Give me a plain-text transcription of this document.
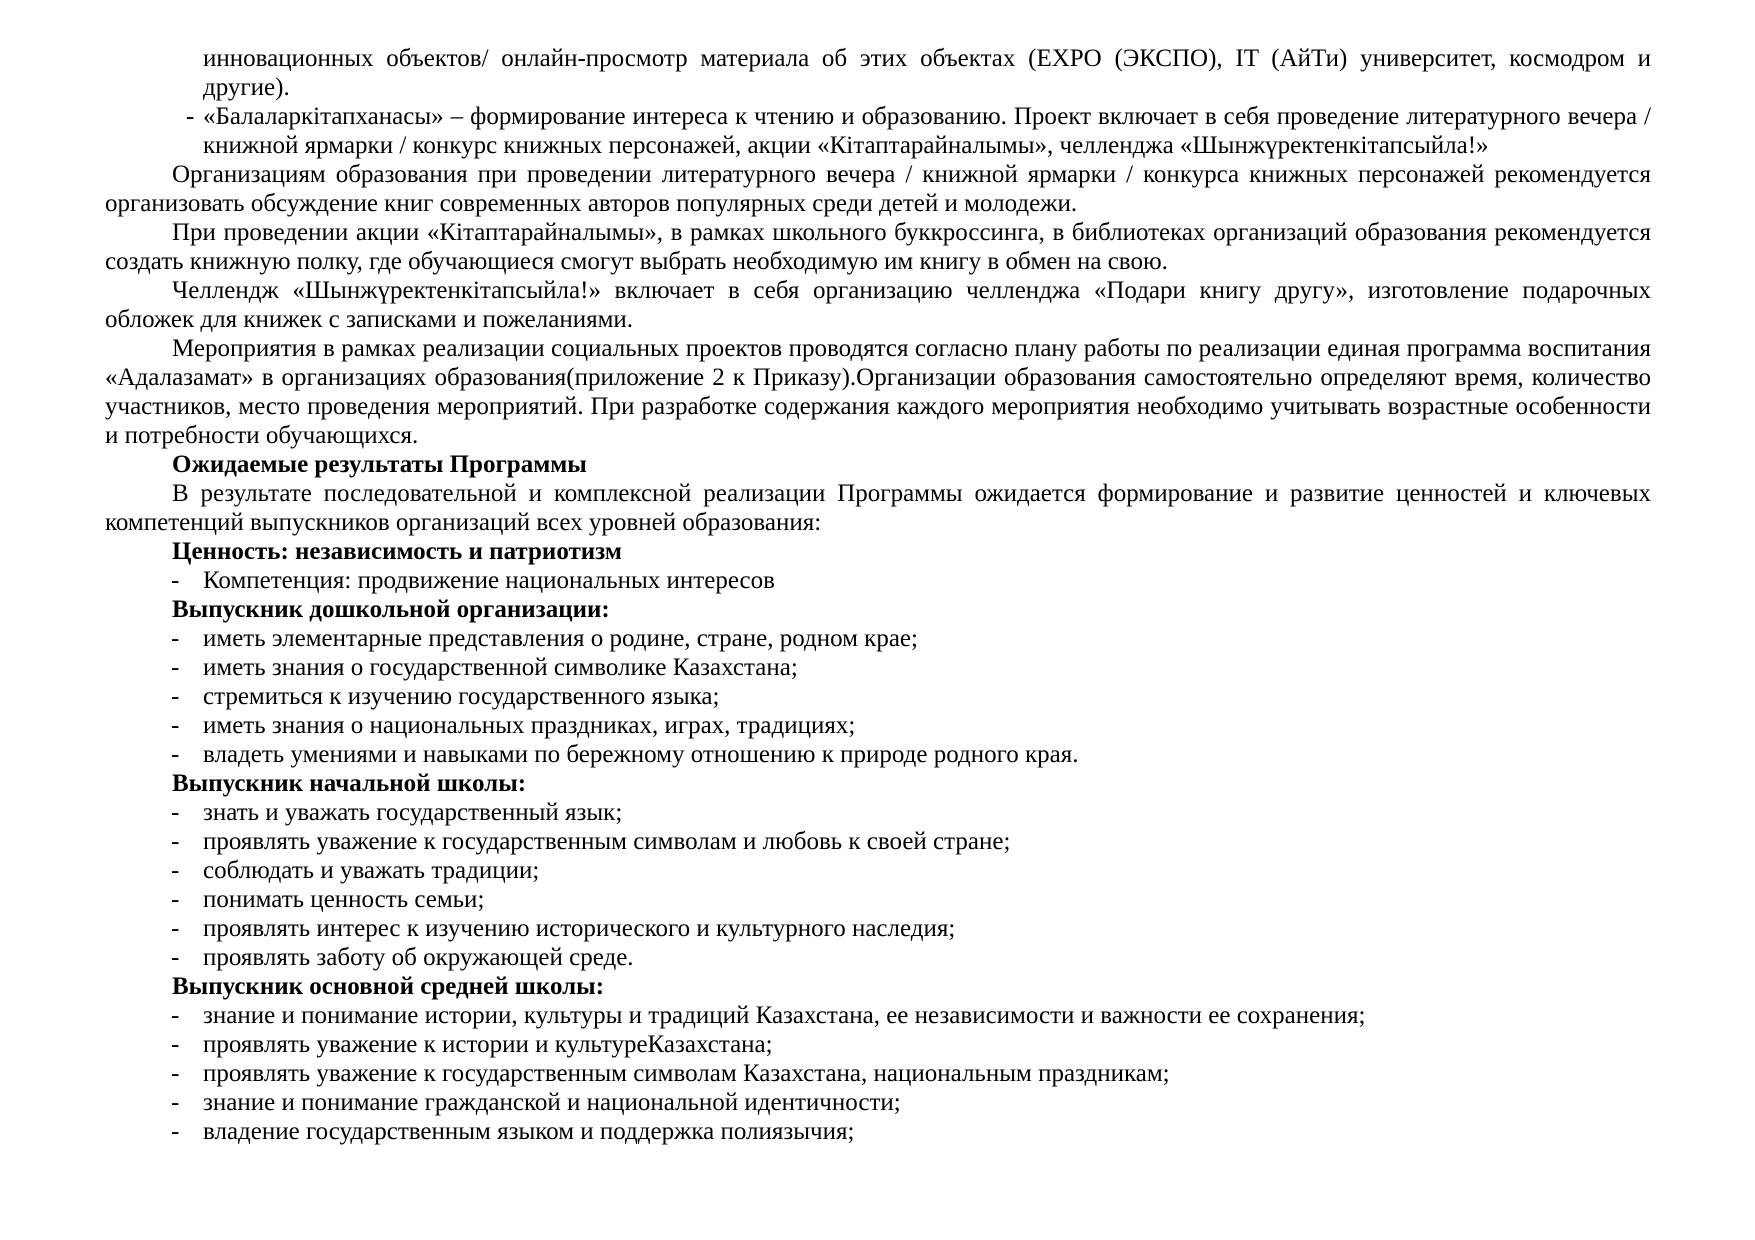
инновационных объектов/ онлайн-просмотр материала об этих объектах (EXPO (ЭКСПО), IT (АйТи) университет, космодром и другие).
- «Балаларкітапханасы» – формирование интереса к чтению и образованию. Проект включает в себя проведение литературного вечера / книжной ярмарки / конкурс книжных персонажей, акции «Кітаптарайналымы», челленджа «Шынжүректенкітапсыйла!»
Организациям образования при проведении литературного вечера / книжной ярмарки / конкурса книжных персонажей рекомендуется организовать обсуждение книг современных авторов популярных среди детей и молодежи.
При проведении акции «Кітаптарайналымы», в рамках школьного буккроссинга, в библиотеках организаций образования рекомендуется создать книжную полку, где обучающиеся смогут выбрать необходимую им книгу в обмен на свою.
Челлендж «Шынжүректенкітапсыйла!» включает в себя организацию челленджа «Подари книгу другу», изготовление подарочных обложек для книжек с записками и пожеланиями.
Мероприятия в рамках реализации социальных проектов проводятся согласно плану работы по реализации единая программа воспитания «Адалазамат» в организациях образования(приложение 2 к Приказу).Организации образования самостоятельно определяют время, количество участников, место проведения мероприятий. При разработке содержания каждого мероприятия необходимо учитывать возрастные особенности и потребности обучающихся.
Ожидаемые результаты Программы
В результате последовательной и комплексной реализации Программы ожидается формирование и развитие ценностей и ключевых компетенций выпускников организаций всех уровней образования:
Ценность: независимость и патриотизм
- Компетенция: продвижение национальных интересов
Выпускник дошкольной организации:
- иметь элементарные представления о родине, стране, родном крае;
- иметь знания о государственной символике Казахстана;
- стремиться к изучению государственного языка;
- иметь знания о национальных праздниках, играх, традициях;
- владеть умениями и навыками по бережному отношению к природе родного края.
Выпускник начальной школы:
- знать и уважать государственный язык;
- проявлять уважение к государственным символам и любовь к своей стране;
- соблюдать и уважать традиции;
- понимать ценность семьи;
- проявлять интерес к изучению исторического и культурного наследия;
- проявлять заботу об окружающей среде.
Выпускник основной средней школы:
- знание и понимание истории, культуры и традиций Казахстана, ее независимости и важности ее сохранения;
- проявлять уважение к истории и культуреКазахстана;
- проявлять уважение к государственным символам Казахстана, национальным праздникам;
- знание и понимание гражданской и национальной идентичности;
- владение государственным языком и поддержка полиязычия;
